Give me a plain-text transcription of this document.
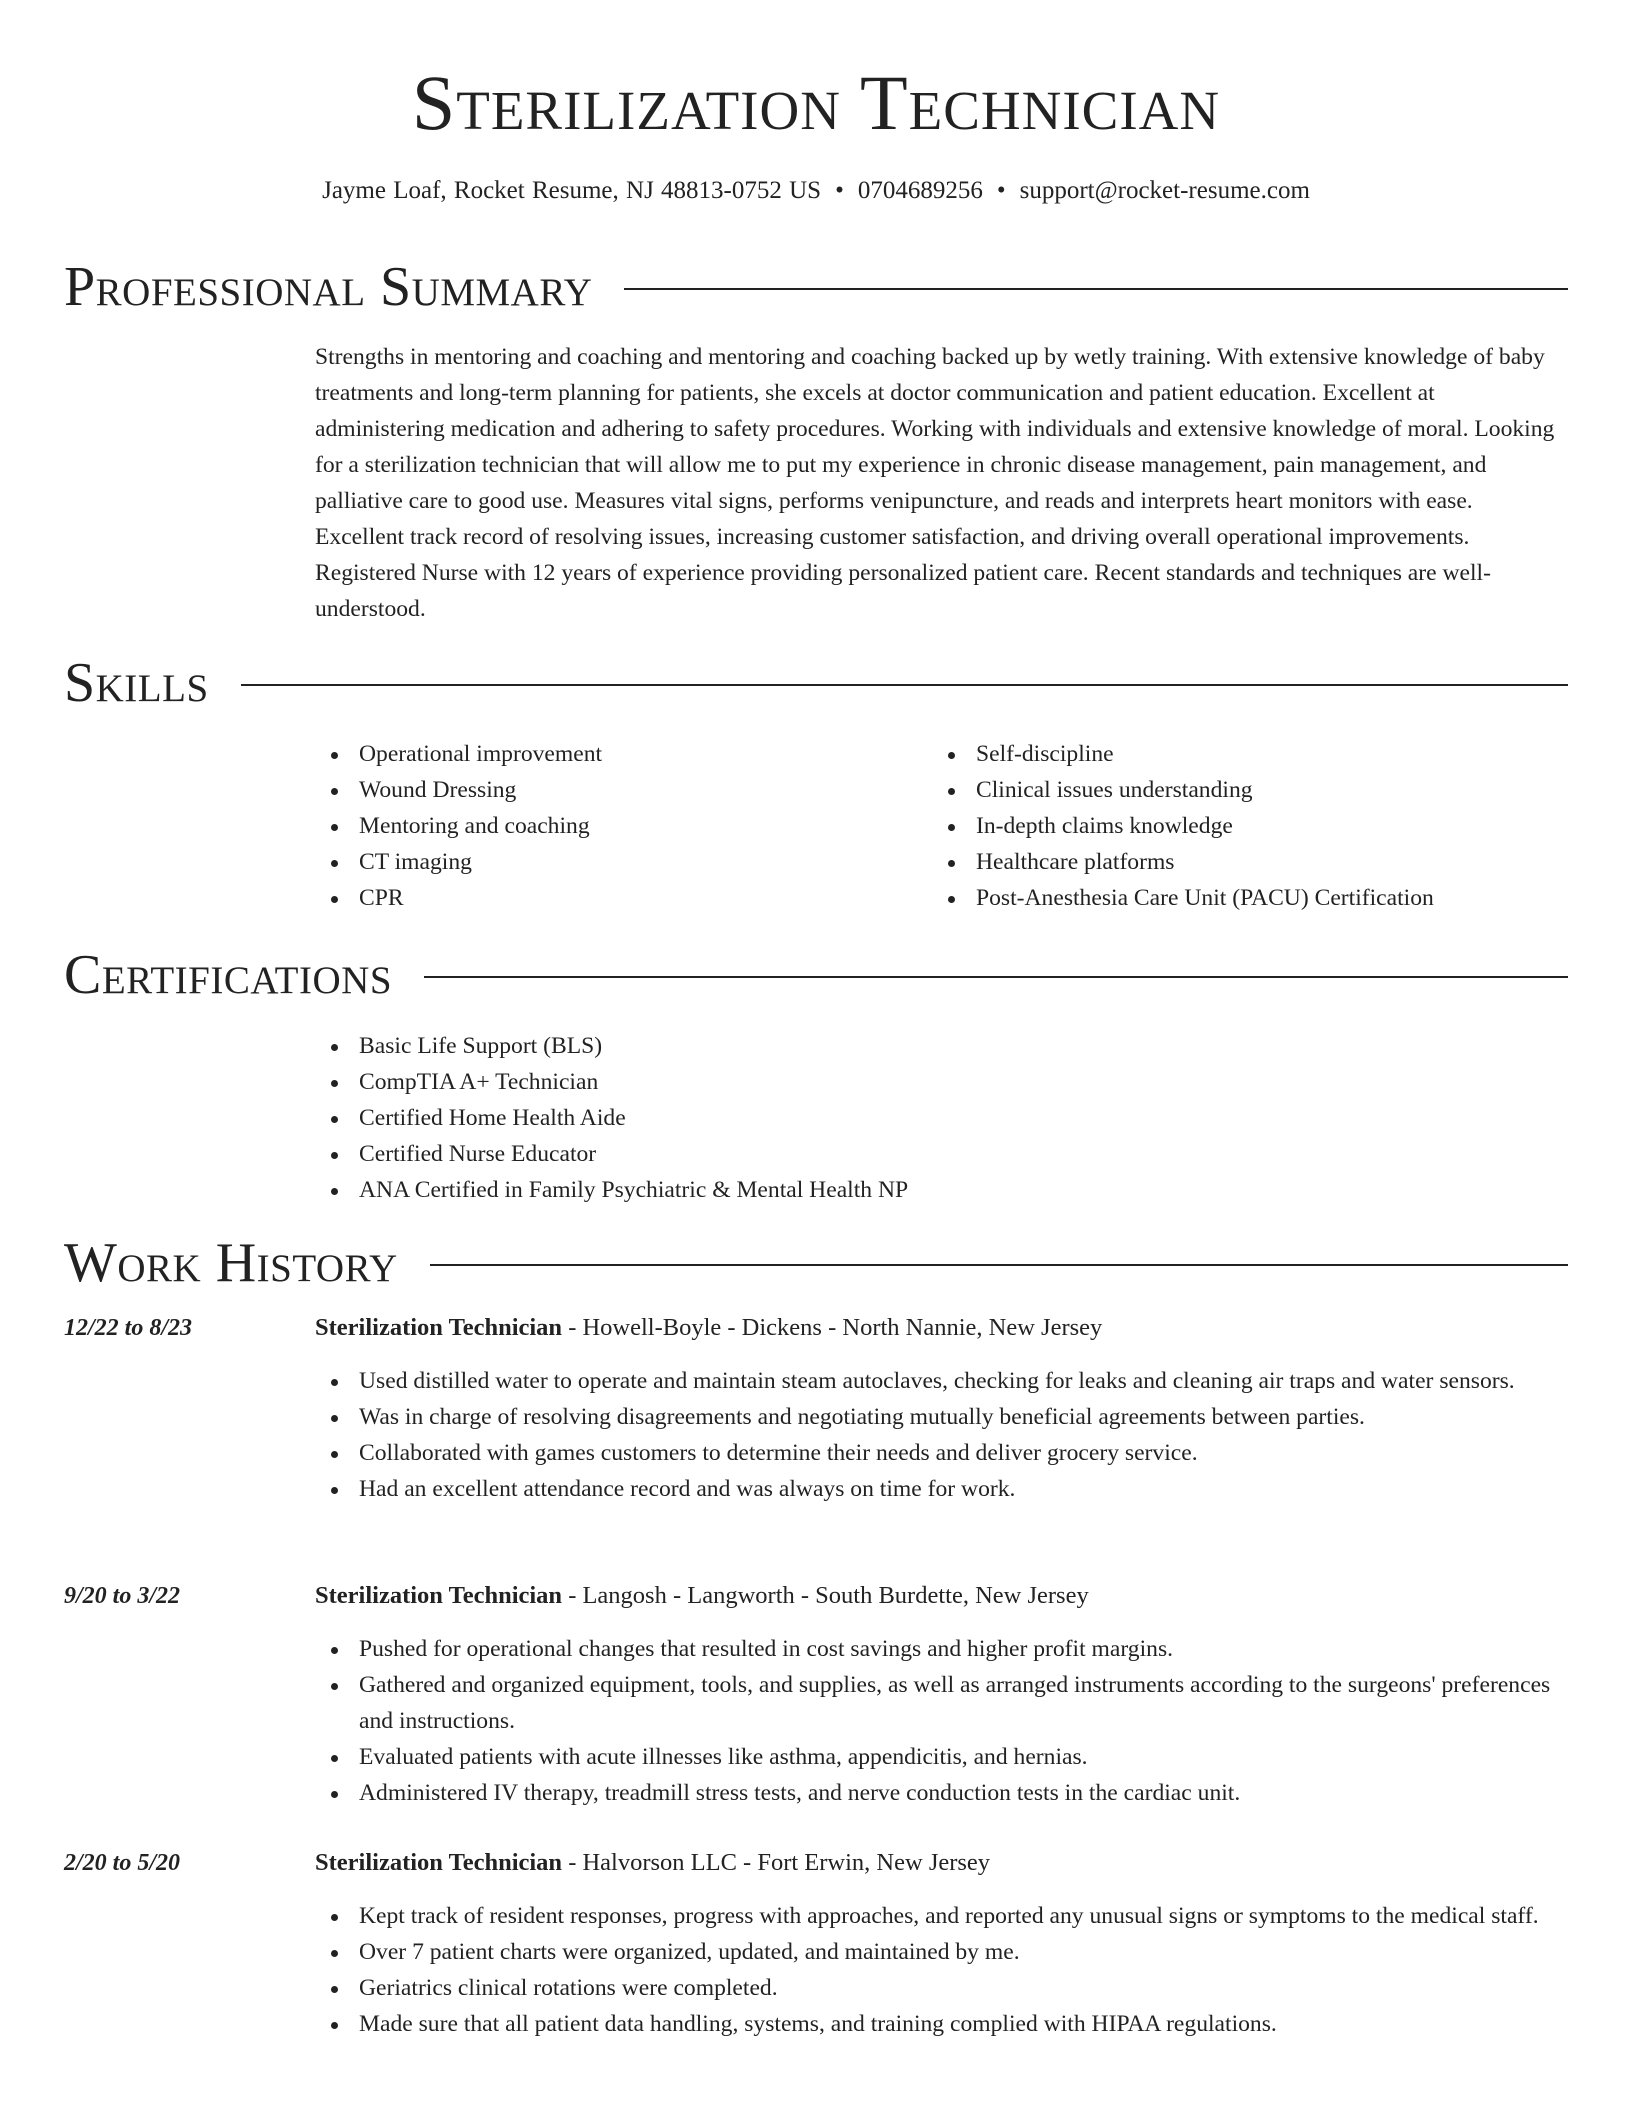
Sterilization Technician
Jayme Loaf, Rocket Resume, NJ 48813-0752 US • 0704689256 • support@rocket-resume.com
Professional Summary
Strengths in mentoring and coaching and mentoring and coaching backed up by wetly training. With extensive knowledge of baby treatments and long-term planning for patients, she excels at doctor communication and patient education. Excellent at administering medication and adhering to safety procedures. Working with individuals and extensive knowledge of moral. Looking for a sterilization technician that will allow me to put my experience in chronic disease management, pain management, and palliative care to good use. Measures vital signs, performs venipuncture, and reads and interprets heart monitors with ease. Excellent track record of resolving issues, increasing customer satisfaction, and driving overall operational improvements. Registered Nurse with 12 years of experience providing personalized patient care. Recent standards and techniques are well-understood.
Skills
Operational improvement
Wound Dressing
Mentoring and coaching
CT imaging
CPR
Self-discipline
Clinical issues understanding
In-depth claims knowledge
Healthcare platforms
Post-Anesthesia Care Unit (PACU) Certification
Certifications
Basic Life Support (BLS)
CompTIA A+ Technician
Certified Home Health Aide
Certified Nurse Educator
ANA Certified in Family Psychiatric & Mental Health NP
Work History
12/22 to 8/23	Sterilization Technician - Howell-Boyle - Dickens - North Nannie, New Jersey
Used distilled water to operate and maintain steam autoclaves, checking for leaks and cleaning air traps and water sensors.
Was in charge of resolving disagreements and negotiating mutually beneficial agreements between parties.
Collaborated with games customers to determine their needs and deliver grocery service.
Had an excellent attendance record and was always on time for work.
9/20 to 3/22	Sterilization Technician - Langosh - Langworth - South Burdette, New Jersey
Pushed for operational changes that resulted in cost savings and higher profit margins.
Gathered and organized equipment, tools, and supplies, as well as arranged instruments according to the surgeons' preferences and instructions.
Evaluated patients with acute illnesses like asthma, appendicitis, and hernias.
Administered IV therapy, treadmill stress tests, and nerve conduction tests in the cardiac unit.
2/20 to 5/20	Sterilization Technician - Halvorson LLC - Fort Erwin, New Jersey
Kept track of resident responses, progress with approaches, and reported any unusual signs or symptoms to the medical staff.
Over 7 patient charts were organized, updated, and maintained by me.
Geriatrics clinical rotations were completed.
Made sure that all patient data handling, systems, and training complied with HIPAA regulations.
